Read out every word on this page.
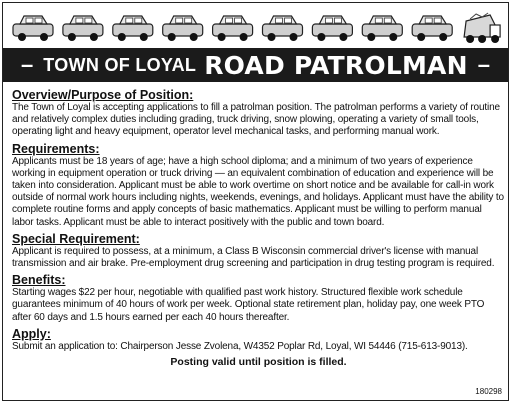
– TOWN OF LOYAL ROAD PATROLMAN –

Overview/Purpose of Position:

The Town of Loyal is accepting applications to fill a patrolman position. The patrolman performs a variety of routine and relatively complex duties including grading, truck driving, snow plowing, operating a variety of small tools, operating light and heavy equipment, operator level mechanical tasks, and performing manual work.

Requirements:

Applicants must be 18 years of age; have a high school diploma; and a minimum of two years of experience working in equipment operation or truck driving — an equivalent combination of education and experience will be taken into consideration. Applicant must be able to work overtime on short notice and be available for call-in work outside of normal work hours including nights, weekends, evenings, and holidays. Applicant must have the ability to complete routine forms and apply concepts of basic mathematics. Applicant must be willing to perform manual labor tasks. Applicant must be able to interact positively with the public and town board.

Special Requirement:

Applicant is required to possess, at a minimum, a Class B Wisconsin commercial driver's license with manual transmission and air brake. Pre-employment drug screening and participation in drug testing program is required.

Benefits:

Starting wages $22 per hour, negotiable with qualified past work history. Structured flexible work schedule guarantees minimum of 40 hours of work per week. Optional state retirement plan, holiday pay, one week PTO after 60 days and 1.5 hours earned per each 40 hours thereafter.

Apply:

Submit an application to: Chairperson Jesse Zvolena, W4352 Poplar Rd, Loyal, WI 54446 (715-613-9013).

Posting valid until position is filled.
180298
